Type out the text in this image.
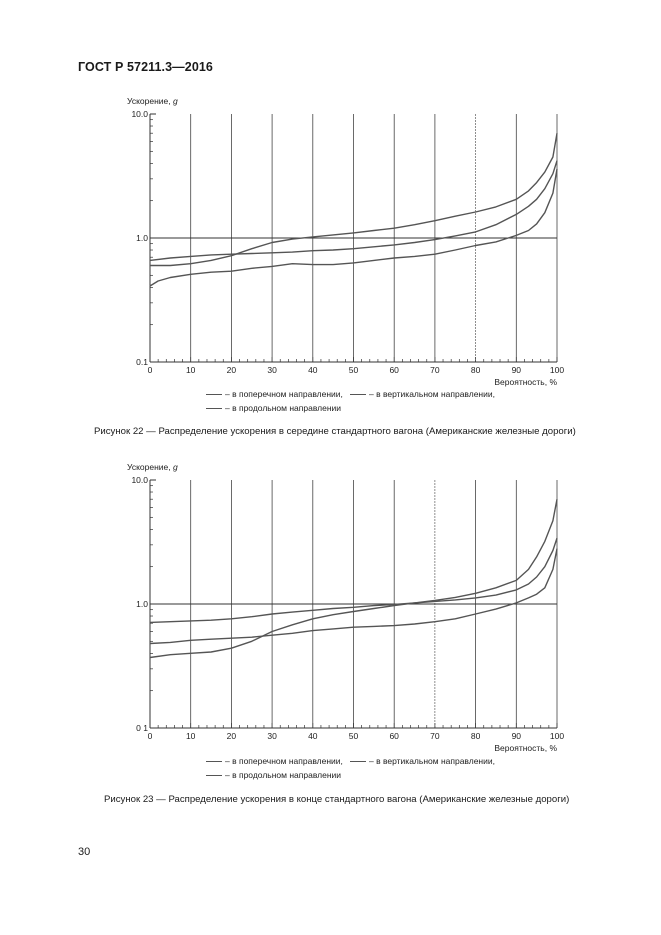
ГОСТ Р 57211.3—2016
Ускорение, g
0	10	20	30	40	50	60	70	80	90	100
0.1
1.0
10.0
Вероятность, %
– в поперечном направлении,	– в вертикальном направлении,
– в продольном направлении
Рисунок 22 — Распределение ускорения в середине стандартного вагона (Американские железные дороги)
Ускорение, g
0	10	20	30	40	50	60	70	80	90	100
0 1
1.0
10.0
Вероятность, %
– в поперечном направлении,	– в вертикальном направлении,
– в продольном направлении
Рисунок 23 — Распределение ускорения в конце стандартного вагона (Американские железные дороги)
30
